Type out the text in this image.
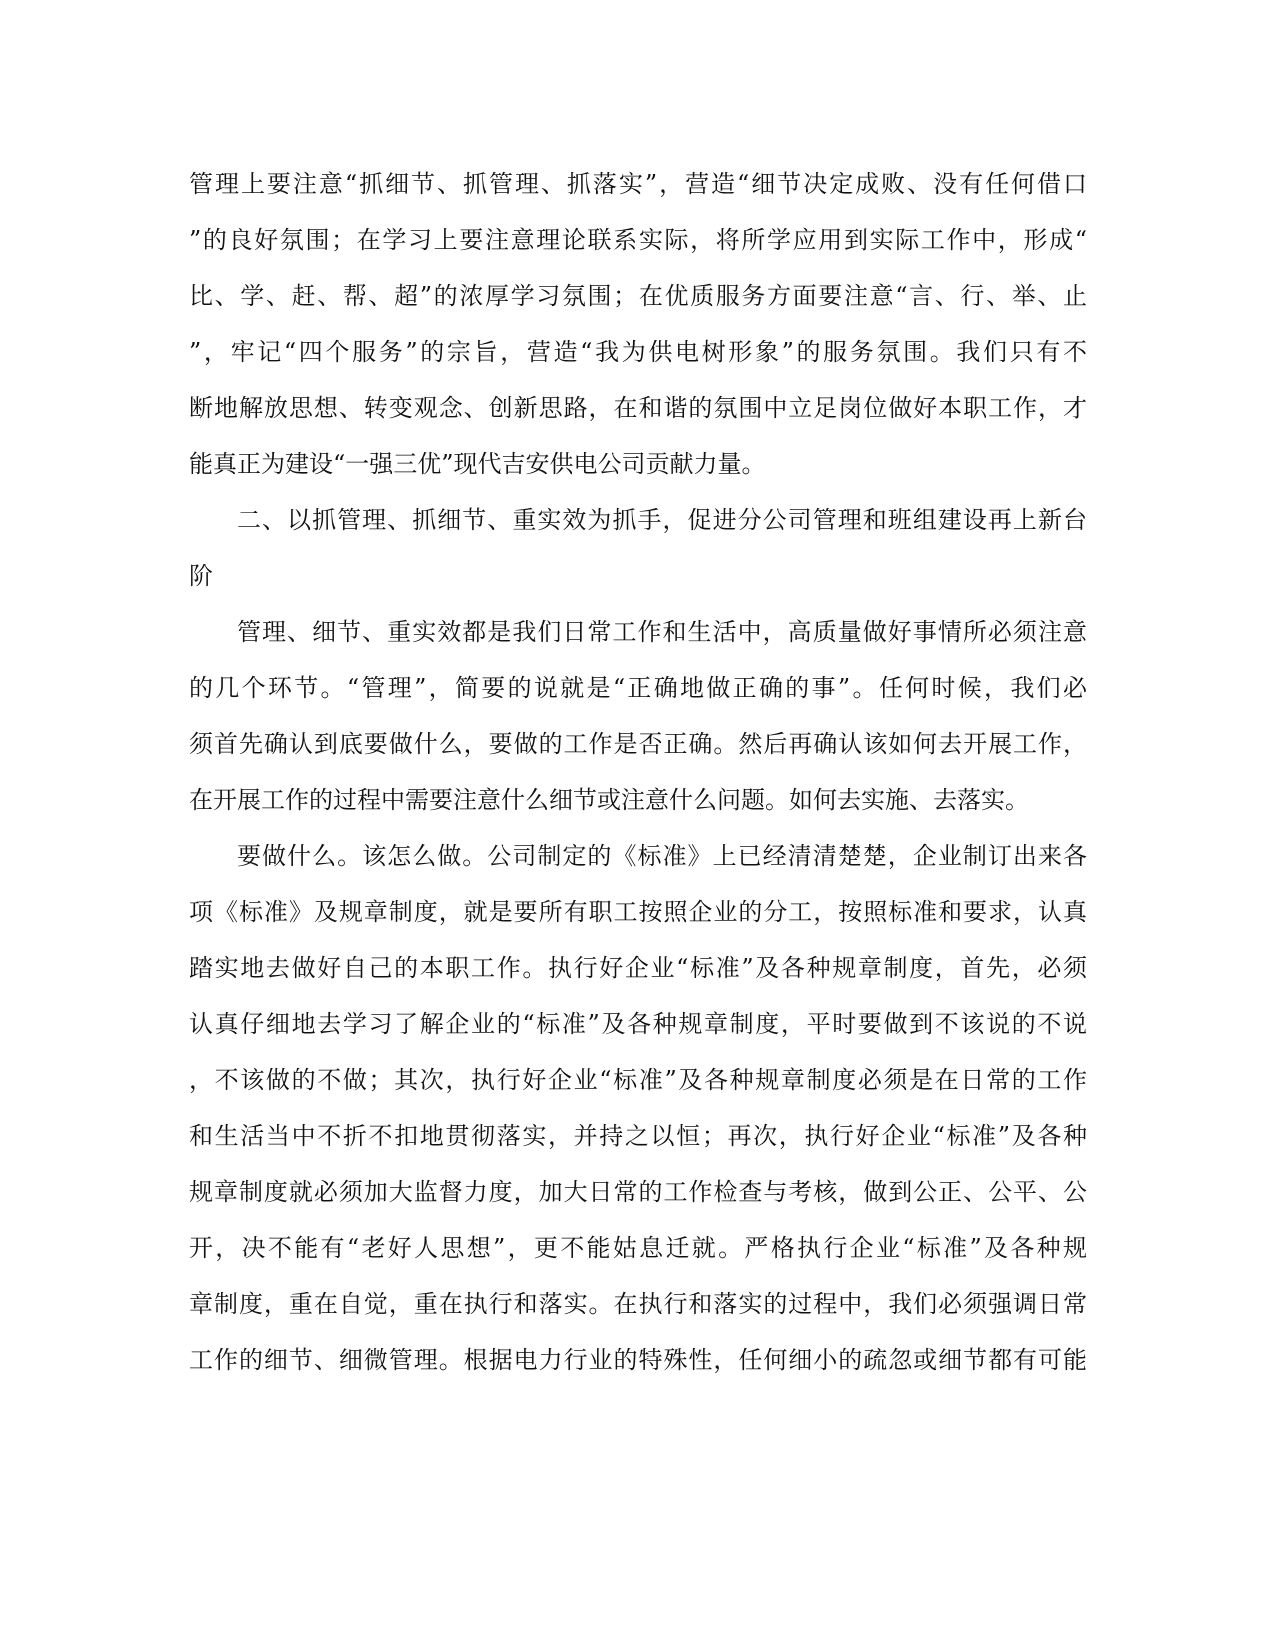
管理上要注意“抓细节、抓管理、抓落实”，营造“细节决定成败、没有任何借口
”的良好氛围；在学习上要注意理论联系实际，将所学应用到实际工作中，形成“
比、学、赶、帮、超”的浓厚学习氛围；在优质服务方面要注意“言、行、举、止
”，牢记“四个服务”的宗旨，营造“我为供电树形象”的服务氛围。我们只有不
断地解放思想、转变观念、创新思路，在和谐的氛围中立足岗位做好本职工作，才
能真正为建设“一强三优”现代吉安供电公司贡献力量。
二、以抓管理、抓细节、重实效为抓手，促进分公司管理和班组建设再上新台
阶
管理、细节、重实效都是我们日常工作和生活中，高质量做好事情所必须注意
的几个环节。“管理”，简要的说就是“正确地做正确的事”。任何时候，我们必
须首先确认到底要做什么，要做的工作是否正确。然后再确认该如何去开展工作，
在开展工作的过程中需要注意什么细节或注意什么问题。如何去实施、去落实。
要做什么。该怎么做。公司制定的《标准》上已经清清楚楚，企业制订出来各
项《标准》及规章制度，就是要所有职工按照企业的分工，按照标准和要求，认真
踏实地去做好自己的本职工作。执行好企业“标准”及各种规章制度，首先，必须
认真仔细地去学习了解企业的“标准”及各种规章制度，平时要做到不该说的不说
，不该做的不做；其次，执行好企业“标准”及各种规章制度必须是在日常的工作
和生活当中不折不扣地贯彻落实，并持之以恒；再次，执行好企业“标准”及各种
规章制度就必须加大监督力度，加大日常的工作检查与考核，做到公正、公平、公
开，决不能有“老好人思想”，更不能姑息迁就。严格执行企业“标准”及各种规
章制度，重在自觉，重在执行和落实。在执行和落实的过程中，我们必须强调日常
工作的细节、细微管理。根据电力行业的特殊性，任何细小的疏忽或细节都有可能
